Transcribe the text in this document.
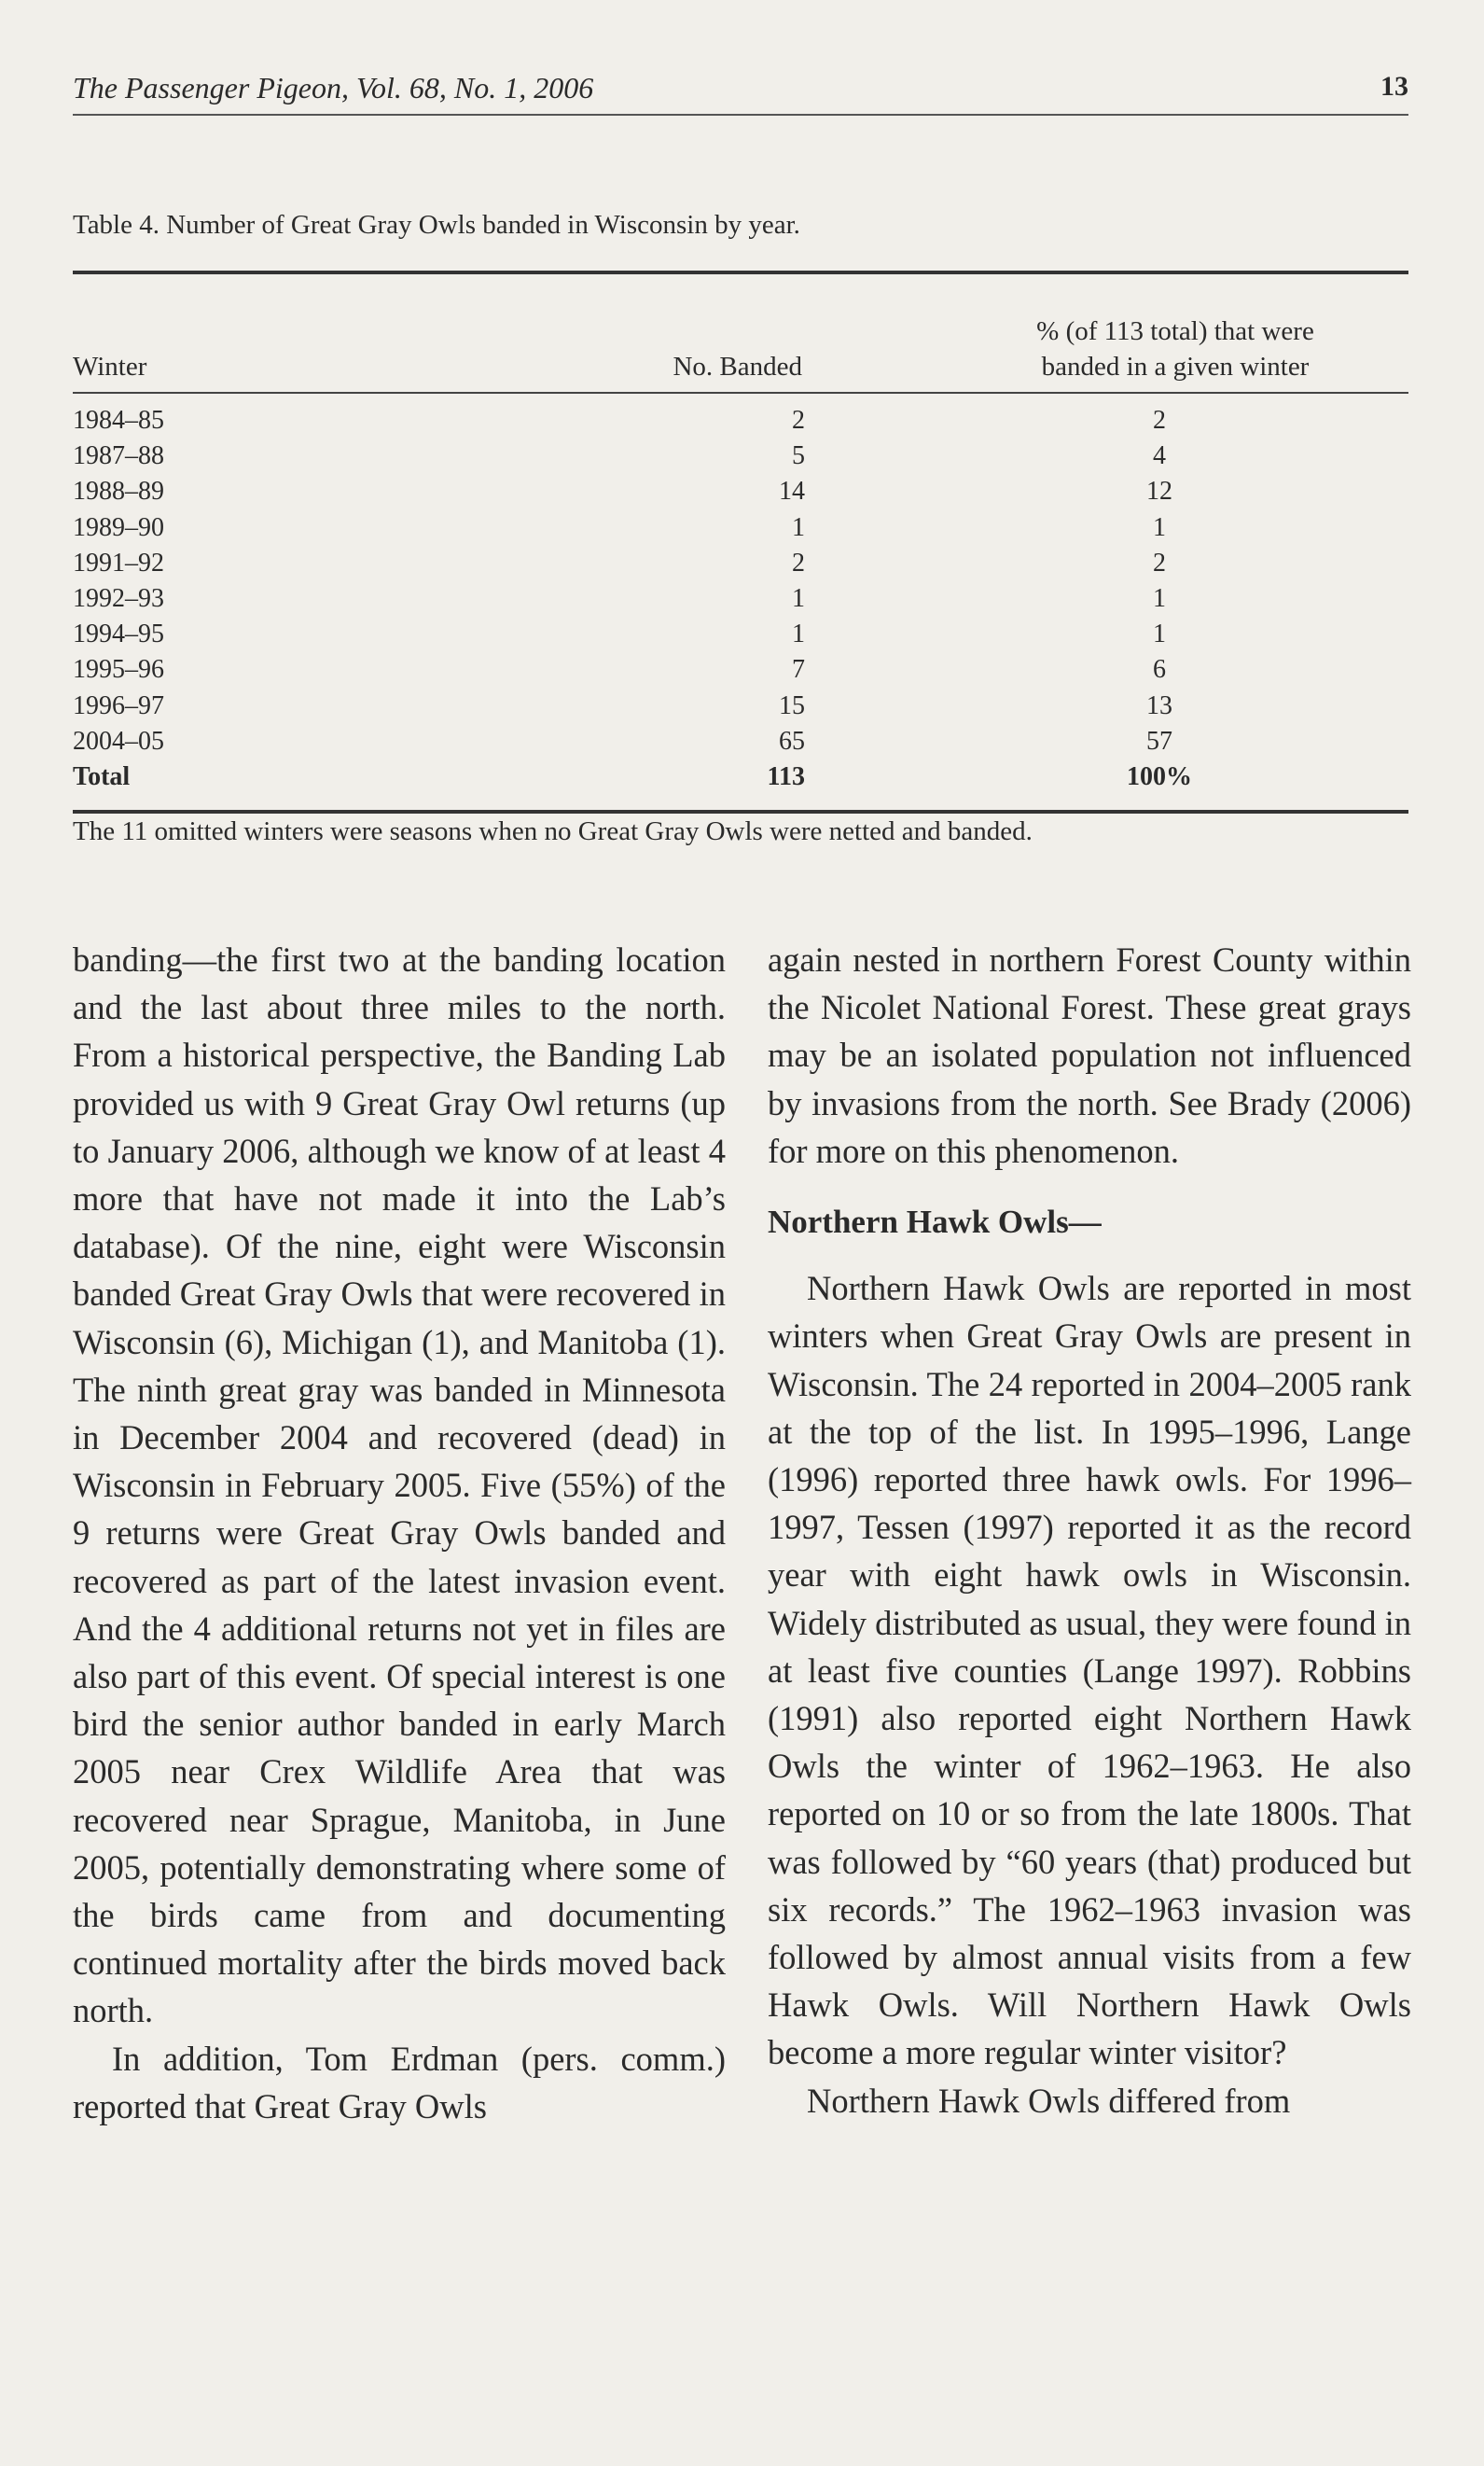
The Passenger Pigeon, Vol. 68, No. 1, 2006	13
Table 4. Number of Great Gray Owls banded in Wisconsin by year.
Winter	No. Banded
% (of 113 total) that were
banded in a given winter
1984–85	2	2
1987–88	5	4
1988–89	14	12
1989–90	1	1
1991–92	2	2
1992–93	1	1
1994–95	1	1
1995–96	7	6
1996–97	15	13
2004–05	65	57
Total	113	100%
The 11 omitted winters were seasons when no Great Gray Owls were netted and banded.

banding—the first two at the banding location and the last about three miles to the north. From a historical perspective, the Banding Lab provided us with 9 Great Gray Owl returns (up to January 2006, although we know of at least 4 more that have not made it into the Lab’s database). Of the nine, eight were Wisconsin banded Great Gray Owls that were recovered in Wisconsin (6), Michigan (1), and Manitoba (1). The ninth great gray was banded in Minnesota in December 2004 and recovered (dead) in Wisconsin in February 2005. Five (55%) of the 9 returns were Great Gray Owls banded and recovered as part of the latest invasion event. And the 4 additional returns not yet in files are also part of this event. Of special interest is one bird the senior author banded in early March 2005 near Crex Wildlife Area that was recovered near Sprague, Manitoba, in June 2005, potentially demonstrating where some of the birds came from and documenting continued mortality after the birds moved back north.

In addition, Tom Erdman (pers. comm.) reported that Great Gray Owls

again nested in northern Forest County within the Nicolet National Forest. These great grays may be an isolated population not influenced by invasions from the north. See Brady (2006) for more on this phenomenon.

Northern Hawk Owls—

Northern Hawk Owls are reported in most winters when Great Gray Owls are present in Wisconsin. The 24 reported in 2004–2005 rank at the top of the list. In 1995–1996, Lange (1996) reported three hawk owls. For 1996–1997, Tessen (1997) reported it as the record year with eight hawk owls in Wisconsin. Widely distributed as usual, they were found in at least five counties (Lange 1997). Robbins (1991) also reported eight Northern Hawk Owls the winter of 1962–1963. He also reported on 10 or so from the late 1800s. That was followed by “60 years (that) produced but six records.” The 1962–1963 invasion was followed by almost annual visits from a few Hawk Owls. Will Northern Hawk Owls become a more regular winter visitor?

Northern Hawk Owls differed from
